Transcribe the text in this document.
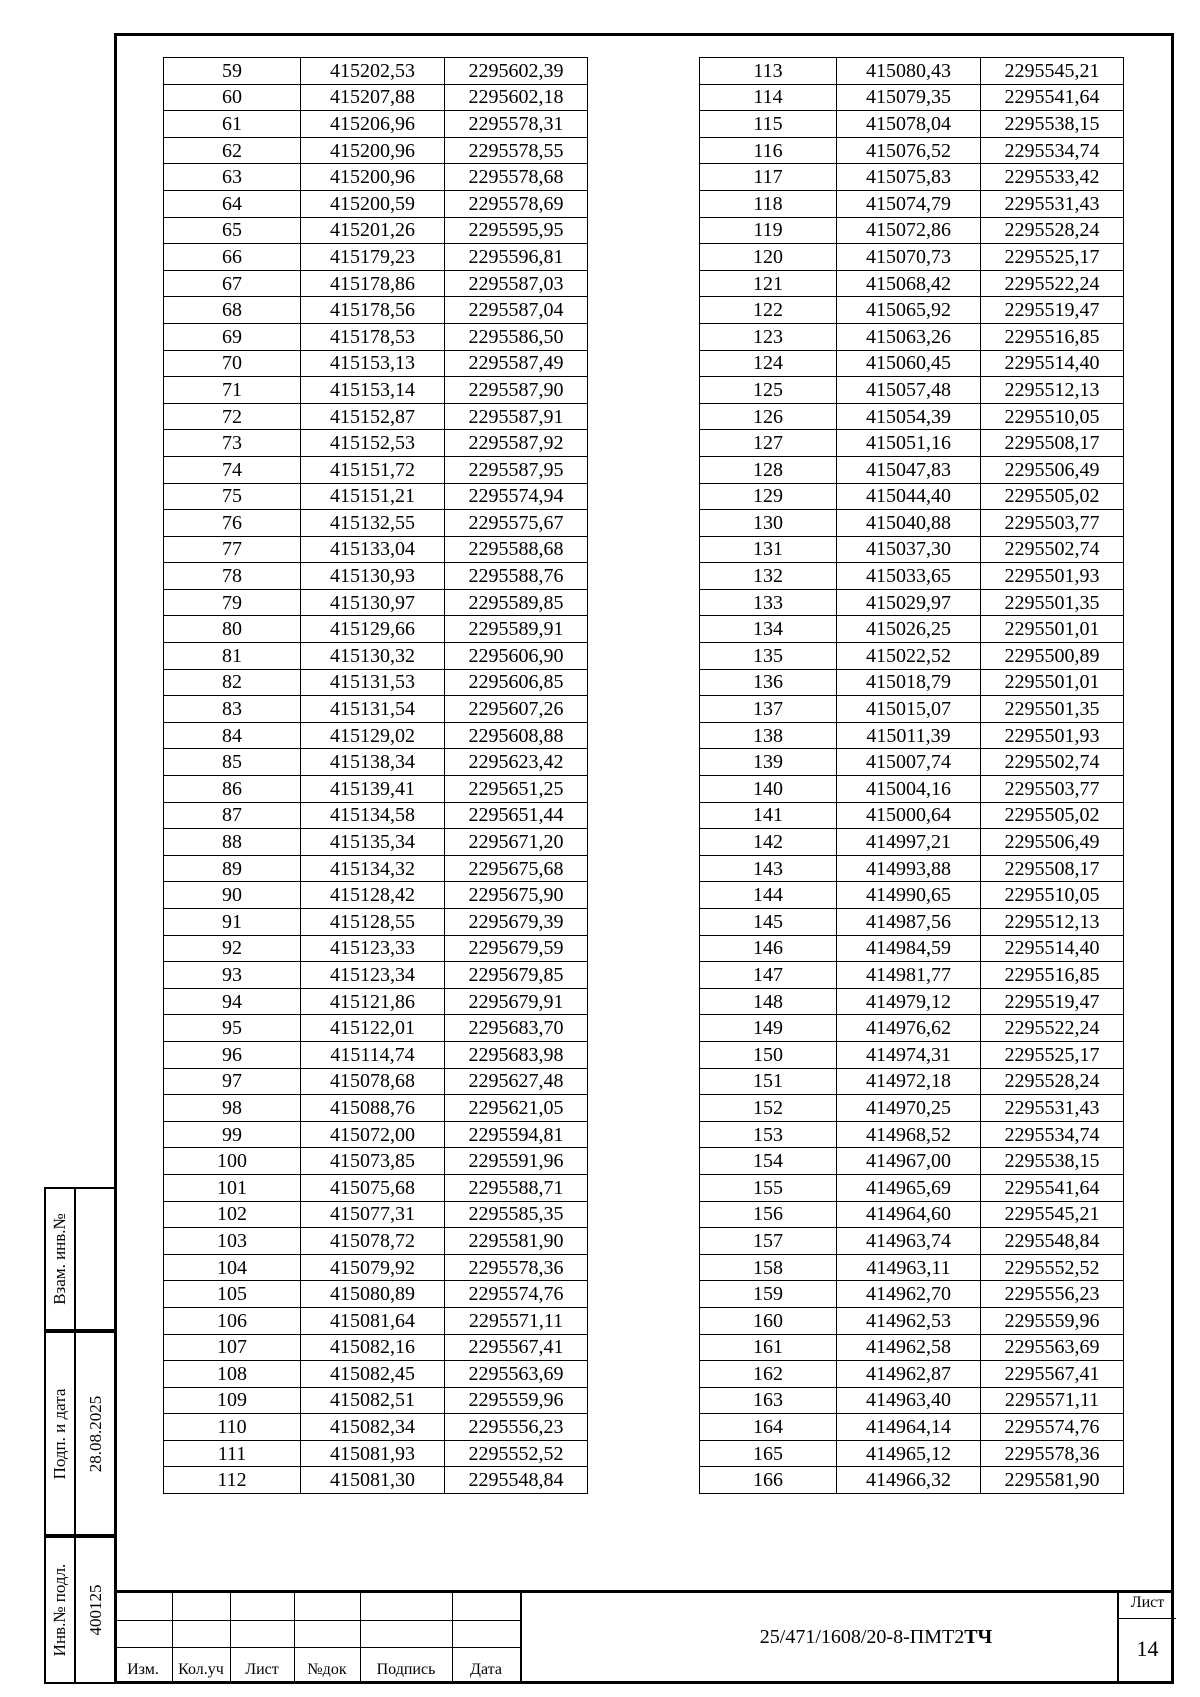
59	415202,53	2295602,39
60	415207,88	2295602,18
61	415206,96	2295578,31
62	415200,96	2295578,55
63	415200,96	2295578,68
64	415200,59	2295578,69
65	415201,26	2295595,95
66	415179,23	2295596,81
67	415178,86	2295587,03
68	415178,56	2295587,04
69	415178,53	2295586,50
70	415153,13	2295587,49
71	415153,14	2295587,90
72	415152,87	2295587,91
73	415152,53	2295587,92
74	415151,72	2295587,95
75	415151,21	2295574,94
76	415132,55	2295575,67
77	415133,04	2295588,68
78	415130,93	2295588,76
79	415130,97	2295589,85
80	415129,66	2295589,91
81	415130,32	2295606,90
82	415131,53	2295606,85
83	415131,54	2295607,26
84	415129,02	2295608,88
85	415138,34	2295623,42
86	415139,41	2295651,25
87	415134,58	2295651,44
88	415135,34	2295671,20
89	415134,32	2295675,68
90	415128,42	2295675,90
91	415128,55	2295679,39
92	415123,33	2295679,59
93	415123,34	2295679,85
94	415121,86	2295679,91
95	415122,01	2295683,70
96	415114,74	2295683,98
97	415078,68	2295627,48
98	415088,76	2295621,05
99	415072,00	2295594,81
100	415073,85	2295591,96
101	415075,68	2295588,71
102	415077,31	2295585,35
103	415078,72	2295581,90
104	415079,92	2295578,36
105	415080,89	2295574,76
106	415081,64	2295571,11
107	415082,16	2295567,41
108	415082,45	2295563,69
109	415082,51	2295559,96
110	415082,34	2295556,23
111	415081,93	2295552,52
112	415081,30	2295548,84
113	415080,43	2295545,21
114	415079,35	2295541,64
115	415078,04	2295538,15
116	415076,52	2295534,74
117	415075,83	2295533,42
118	415074,79	2295531,43
119	415072,86	2295528,24
120	415070,73	2295525,17
121	415068,42	2295522,24
122	415065,92	2295519,47
123	415063,26	2295516,85
124	415060,45	2295514,40
125	415057,48	2295512,13
126	415054,39	2295510,05
127	415051,16	2295508,17
128	415047,83	2295506,49
129	415044,40	2295505,02
130	415040,88	2295503,77
131	415037,30	2295502,74
132	415033,65	2295501,93
133	415029,97	2295501,35
134	415026,25	2295501,01
135	415022,52	2295500,89
136	415018,79	2295501,01
137	415015,07	2295501,35
138	415011,39	2295501,93
139	415007,74	2295502,74
140	415004,16	2295503,77
141	415000,64	2295505,02
142	414997,21	2295506,49
143	414993,88	2295508,17
144	414990,65	2295510,05
145	414987,56	2295512,13
146	414984,59	2295514,40
147	414981,77	2295516,85
148	414979,12	2295519,47
149	414976,62	2295522,24
150	414974,31	2295525,17
151	414972,18	2295528,24
152	414970,25	2295531,43
153	414968,52	2295534,74
154	414967,00	2295538,15
155	414965,69	2295541,64
156	414964,60	2295545,21
157	414963,74	2295548,84
158	414963,11	2295552,52
159	414962,70	2295556,23
160	414962,53	2295559,96
161	414962,58	2295563,69
162	414962,87	2295567,41
163	414963,40	2295571,11
164	414964,14	2295574,76
165	414965,12	2295578,36
166	414966,32	2295581,90
Взам. инв.№
Подп. и дата 28.08.2025
Инв.№ подл. 400125
Изм.	Кол.уч	Лист	№док	Подпись	Дата
25/471/1608/20-8-ПМТ2ТЧ
Лист
14
